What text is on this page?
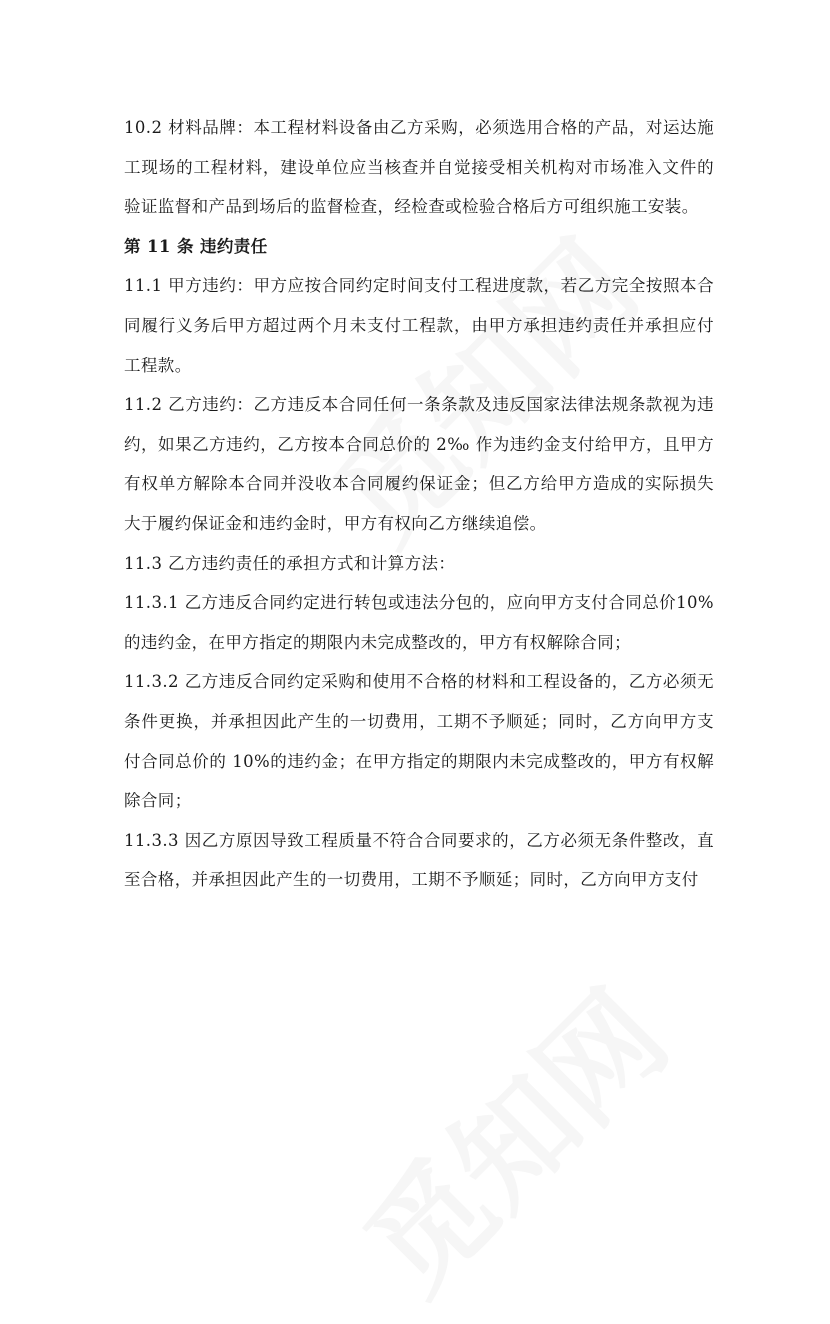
10.2 材料品牌：本工程材料设备由乙方采购，必须选用合格的产品，对运达施工现场的工程材料，建设单位应当核查并自觉接受相关机构对市场准入文件的验证监督和产品到场后的监督检查，经检查或检验合格后方可组织施工安装。

第 11 条 违约责任

11.1 甲方违约：甲方应按合同约定时间支付工程进度款，若乙方完全按照本合同履行义务后甲方超过两个月未支付工程款，由甲方承担违约责任并承担应付工程款。

11.2 乙方违约：乙方违反本合同任何一条条款及违反国家法律法规条款视为违约，如果乙方违约，乙方按本合同总价的 2‰ 作为违约金支付给甲方，且甲方有权单方解除本合同并没收本合同履约保证金；但乙方给甲方造成的实际损失大于履约保证金和违约金时，甲方有权向乙方继续追偿。

11.3 乙方违约责任的承担方式和计算方法：

11.3.1 乙方违反合同约定进行转包或违法分包的，应向甲方支付合同总价10%的违约金，在甲方指定的期限内未完成整改的，甲方有权解除合同；

11.3.2 乙方违反合同约定采购和使用不合格的材料和工程设备的，乙方必须无条件更换，并承担因此产生的一切费用，工期不予顺延；同时，乙方向甲方支付合同总价的 10%的违约金；在甲方指定的期限内未完成整改的，甲方有权解除合同；

11.3.3 因乙方原因导致工程质量不符合合同要求的，乙方必须无条件整改，直至合格，并承担因此产生的一切费用，工期不予顺延；同时，乙方向甲方支付
